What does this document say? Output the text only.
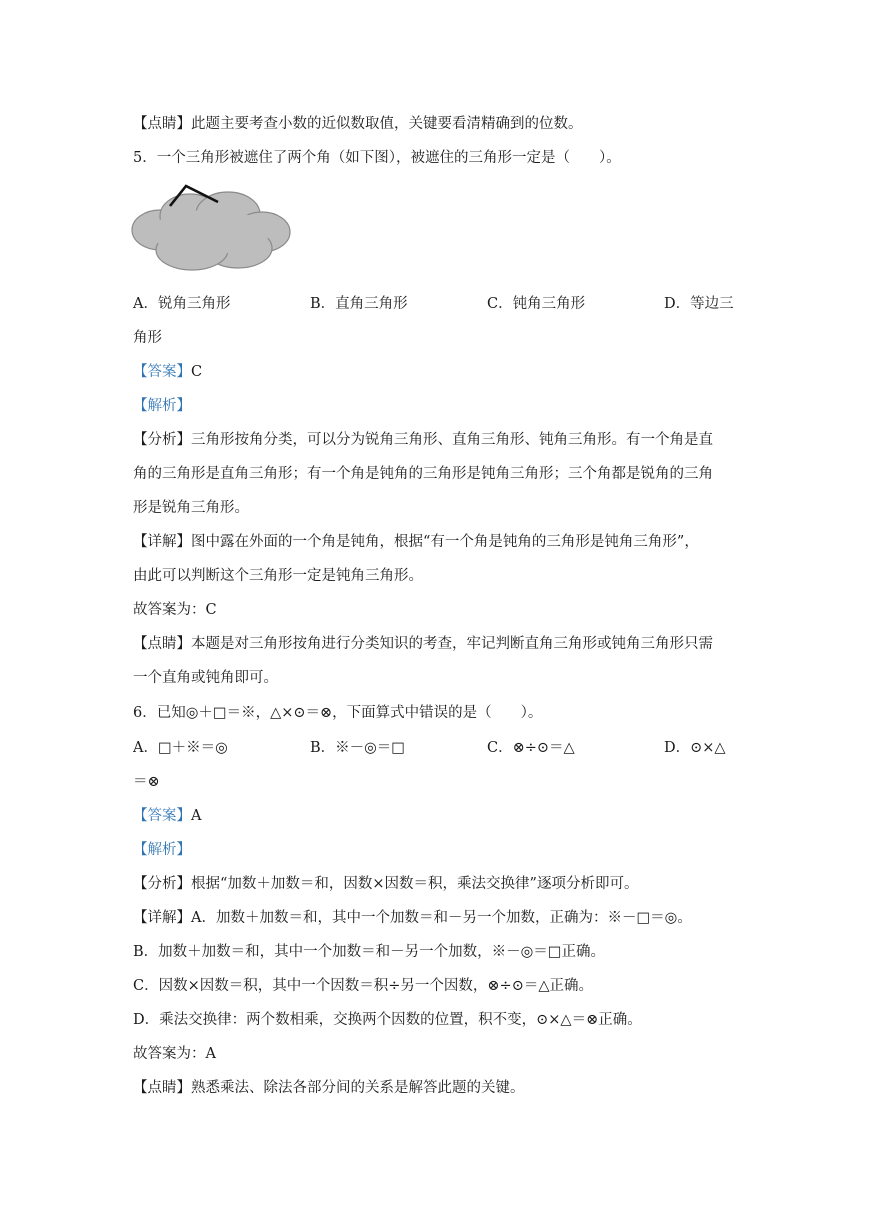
【点睛】此题主要考查小数的近似数取值，关键要看清精确到的位数。
5．一个三角形被遮住了两个角（如下图），被遮住的三角形一定是（　　）。
A．锐角三角形	B．直角三角形	C．钝角三角形	D．等边三
角形
【答案】C
【解析】
【分析】三角形按角分类，可以分为锐角三角形、直角三角形、钝角三角形。有一个角是直
角的三角形是直角三角形；有一个角是钝角的三角形是钝角三角形；三个角都是锐角的三角
形是锐角三角形。
【详解】图中露在外面的一个角是钝角，根据“有一个角是钝角的三角形是钝角三角形”，
由此可以判断这个三角形一定是钝角三角形。
故答案为：C
【点睛】本题是对三角形按角进行分类知识的考查，牢记判断直角三角形或钝角三角形只需
一个直角或钝角即可。
6．已知◎＋□＝※，△×⊙＝⊗，下面算式中错误的是（　　）。
A．□＋※＝◎	B．※－◎＝□	C．⊗÷⊙＝△	D．⊙×△
＝⊗
【答案】A
【解析】
【分析】根据“加数＋加数＝和，因数×因数＝积，乘法交换律”逐项分析即可。
【详解】A．加数＋加数＝和，其中一个加数＝和－另一个加数，正确为：※－□＝◎。
B．加数＋加数＝和，其中一个加数＝和－另一个加数，※－◎＝□正确。
C．因数×因数＝积，其中一个因数＝积÷另一个因数，⊗÷⊙＝△正确。
D．乘法交换律：两个数相乘，交换两个因数的位置，积不变，⊙×△＝⊗正确。
故答案为：A
【点睛】熟悉乘法、除法各部分间的关系是解答此题的关键。
